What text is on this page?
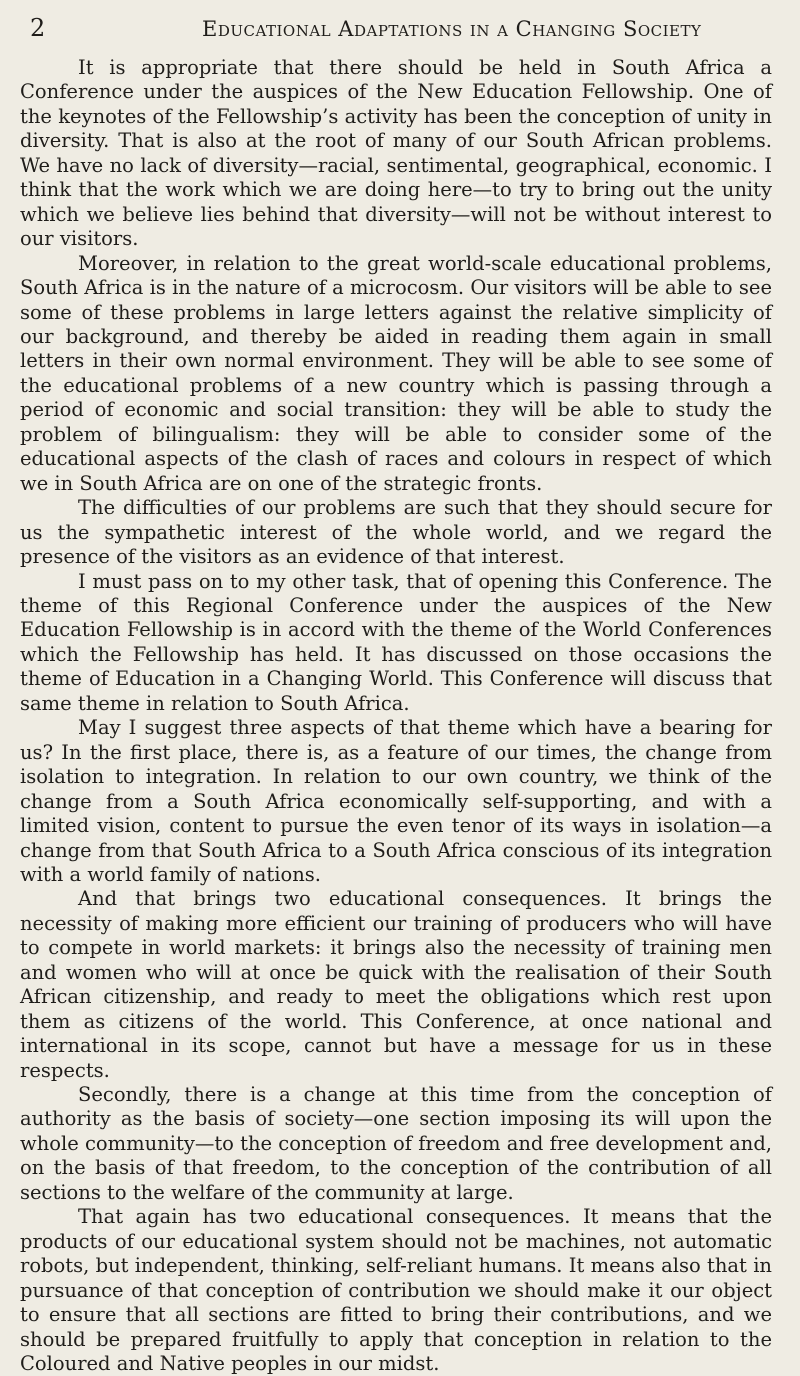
2	Educational Adaptations in a Changing Society

It is appropriate that there should be held in South Africa a Conference under the auspices of the New Education Fellowship. One of the keynotes of the Fellowship’s activity has been the conception of unity in diversity. That is also at the root of many of our South African problems. We have no lack of diversity—racial, sentimental, geographical, economic. I think that the work which we are doing here—to try to bring out the unity which we believe lies behind that diversity—will not be without interest to our visitors.

Moreover, in relation to the great world-scale educational problems, South Africa is in the nature of a microcosm. Our visitors will be able to see some of these problems in large letters against the relative simplicity of our background, and thereby be aided in reading them again in small letters in their own normal environment. They will be able to see some of the educational problems of a new country which is passing through a period of economic and social transition: they will be able to study the problem of bilingualism: they will be able to consider some of the educational aspects of the clash of races and colours in respect of which we in South Africa are on one of the strategic fronts.

The difficulties of our problems are such that they should secure for us the sympathetic interest of the whole world, and we regard the presence of the visitors as an evidence of that interest.

I must pass on to my other task, that of opening this Conference. The theme of this Regional Conference under the auspices of the New Education Fellowship is in accord with the theme of the World Conferences which the Fellowship has held. It has discussed on those occasions the theme of Education in a Changing World. This Conference will discuss that same theme in relation to South Africa.

May I suggest three aspects of that theme which have a bearing for us? In the first place, there is, as a feature of our times, the change from isolation to integration. In relation to our own country, we think of the change from a South Africa economically self-supporting, and with a limited vision, content to pursue the even tenor of its ways in isolation—a change from that South Africa to a South Africa conscious of its integration with a world family of nations.

And that brings two educational consequences. It brings the necessity of making more efficient our training of producers who will have to compete in world markets: it brings also the necessity of training men and women who will at once be quick with the realisation of their South African citizenship, and ready to meet the obligations which rest upon them as citizens of the world. This Conference, at once national and international in its scope, cannot but have a message for us in these respects.

Secondly, there is a change at this time from the conception of authority as the basis of society—one section imposing its will upon the whole community—to the conception of freedom and free development and, on the basis of that freedom, to the conception of the contribution of all sections to the welfare of the community at large.

That again has two educational consequences. It means that the products of our educational system should not be machines, not automatic robots, but independent, thinking, self-reliant humans. It means also that in pursuance of that conception of contribution we should make it our object to ensure that all sections are fitted to bring their contributions, and we should be prepared fruitfully to apply that conception in relation to the Coloured and Native peoples in our midst.
